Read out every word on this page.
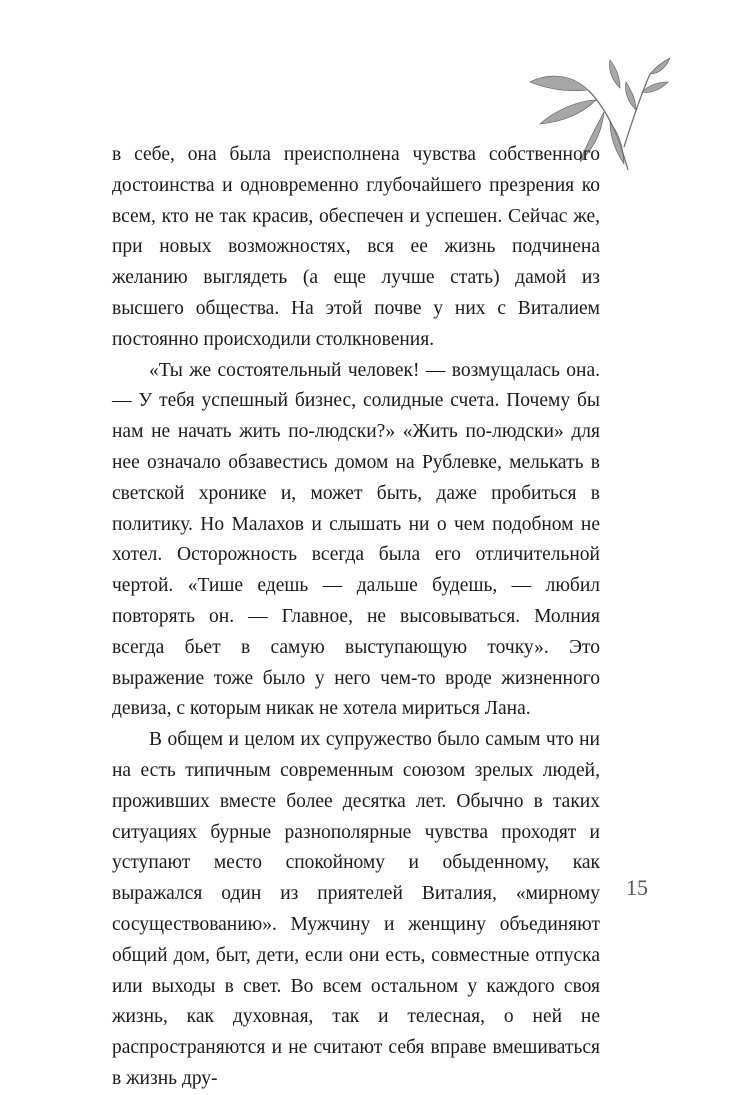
в себе, она была преисполнена чувства собственного достоинства и одновременно глубочайшего презрения ко всем, кто не так красив, обеспечен и успешен. Сейчас же, при новых возможностях, вся ее жизнь подчинена желанию выглядеть (а еще лучше стать) дамой из высшего общества. На этой почве у них с Виталием постоянно происходили столкновения.

«Ты же состоятельный человек! — возмущалась она. — У тебя успешный бизнес, солидные счета. Почему бы нам не начать жить по-людски?» «Жить по-людски» для нее означало обзавестись домом на Рублевке, мелькать в светской хронике и, может быть, даже пробиться в политику. Но Малахов и слышать ни о чем подобном не хотел. Осторожность всегда была его отличительной чертой. «Тише едешь — дальше будешь, — любил повторять он. — Главное, не высовываться. Молния всегда бьет в самую выступающую точку». Это выражение тоже было у него чем-то вроде жизненного девиза, с которым никак не хотела мириться Лана.

В общем и целом их супружество было самым что ни на есть типичным современным союзом зрелых людей, проживших вместе более десятка лет. Обычно в таких ситуациях бурные разнополярные чувства проходят и уступают место спокойному и обыденному, как выражался один из приятелей Виталия, «мирному сосуществованию». Мужчину и женщину объединяют общий дом, быт, дети, если они есть, совместные отпуска или выходы в свет. Во всем остальном у каждого своя жизнь, как духовная, так и телесная, о ней не распространяются и не считают себя вправе вмешиваться в жизнь дру-

15
